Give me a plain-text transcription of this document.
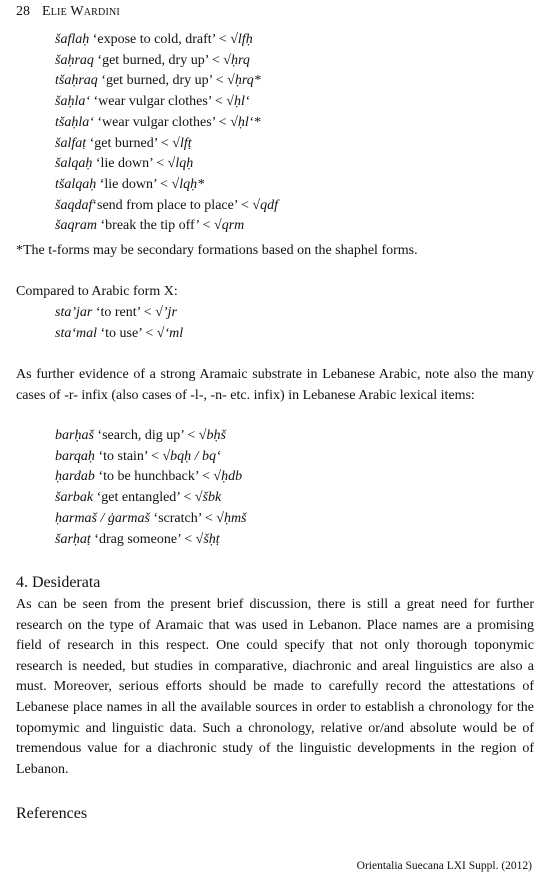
28 Elie Wardini
šaflaḥ ‘expose to cold, draft’ < √lfḥ
šaḥraq ‘get burned, dry up’ < √ḥrq
tšaḥraq ‘get burned, dry up’ < √ḥrq*
šaḥla‘ ‘wear vulgar clothes’ < √ḥl‘
tšaḥla‘ ‘wear vulgar clothes’ < √ḥl‘*
šalfaṭ ‘get burned’ < √lfṭ
šalqaḥ ‘lie down’ < √lqḥ
tšalqaḥ ‘lie down’ < √lqḥ*
šaqdaf‘send from place to place’ < √qdf
šaqram ‘break the tip off’ < √qrm
*The t-forms may be secondary formations based on the shaphel forms.
Compared to Arabic form X:
sta’jar ‘to rent’ < √’jr
sta‘mal ‘to use’ < √‘ml
As further evidence of a strong Aramaic substrate in Lebanese Arabic, note also the many cases of -r- infix (also cases of -l-, -n- etc. infix) in Lebanese Arabic lexical items:
barḥaš ‘search, dig up’ < √bḥš
barqaḥ ‘to stain’ < √bqḥ / bq‘
ḥardab ‘to be hunchback’ < √ḥdb
šarbak ‘get entangled’ < √šbk
ḥarmaš / ġarmaš ‘scratch’ < √ḥmš
šarḥaṭ ‘drag someone’ < √šḥṭ
4. Desiderata
As can be seen from the present brief discussion, there is still a great need for further research on the type of Aramaic that was used in Lebanon. Place names are a promising field of research in this respect. One could specify that not only thorough toponymic research is needed, but studies in comparative, diachronic and areal linguistics are also a must. Moreover, serious efforts should be made to carefully record the attestations of Lebanese place names in all the available sources in order to establish a chronology for the topomymic and linguistic data. Such a chronology, relative or/and absolute would be of tremendous value for a diachronic study of the linguistic developments in the region of Lebanon.
References
Orientalia Suecana LXI Suppl. (2012)
